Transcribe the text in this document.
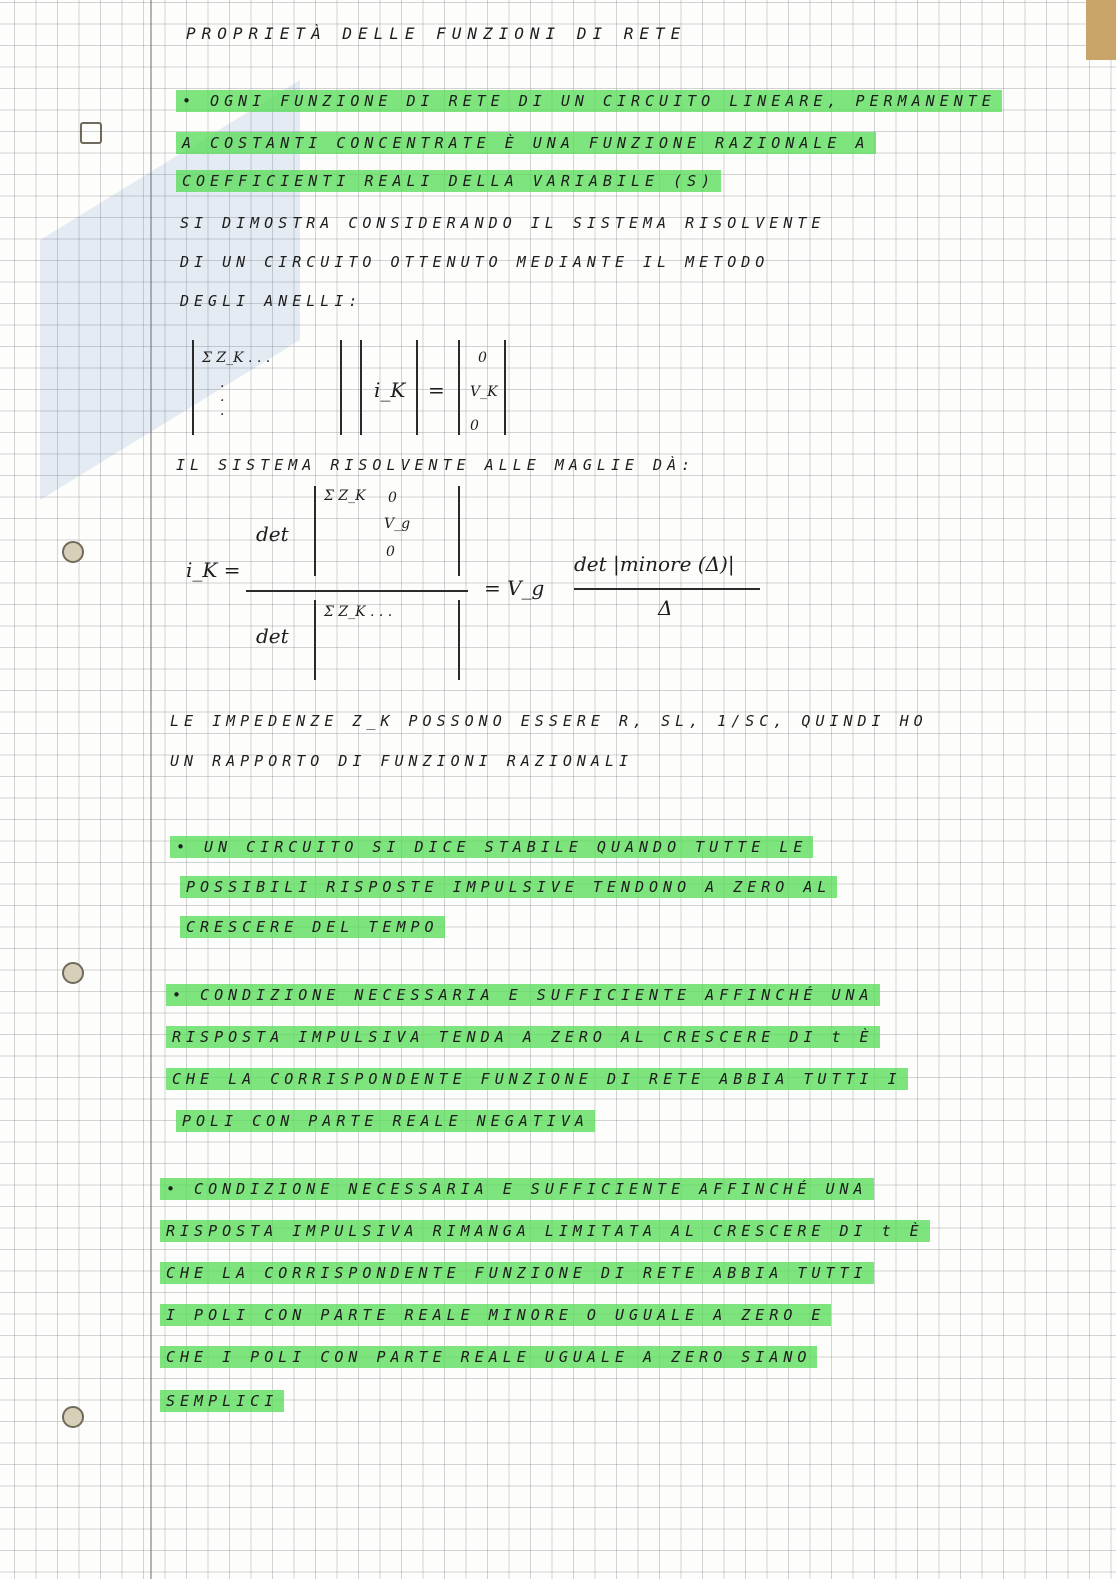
PROPRIETÀ DELLE FUNZIONI DI RETE
• OGNI FUNZIONE DI RETE DI UN CIRCUITO LINEARE, PERMANENTE
A COSTANTI CONCENTRATE È UNA FUNZIONE RAZIONALE A
COEFFICIENTI REALI DELLA VARIABILE (S)
SI DIMOSTRA CONSIDERANDO IL SISTEMA RISOLVENTE
DI UN CIRCUITO OTTENUTO MEDIANTE IL METODO
DEGLI ANELLI:
Σ Z_K . . .
·
·
·
i_K =
0
V_K
0
IL SISTEMA RISOLVENTE ALLE MAGLIE DÀ:
i_K =
det
Σ Z_K 0
V_g
0
det
Σ Z_K . . .
= V_g
det |minore (Δ)|
Δ
LE IMPEDENZE Z_K POSSONO ESSERE R, SL, 1/SC, QUINDI HO
UN RAPPORTO DI FUNZIONI RAZIONALI
• UN CIRCUITO SI DICE STABILE QUANDO TUTTE LE
POSSIBILI RISPOSTE IMPULSIVE TENDONO A ZERO AL
CRESCERE DEL TEMPO
• CONDIZIONE NECESSARIA E SUFFICIENTE AFFINCHÉ UNA
RISPOSTA IMPULSIVA TENDA A ZERO AL CRESCERE DI t È
CHE LA CORRISPONDENTE FUNZIONE DI RETE ABBIA TUTTI I
POLI CON PARTE REALE NEGATIVA
• CONDIZIONE NECESSARIA E SUFFICIENTE AFFINCHÉ UNA
RISPOSTA IMPULSIVA RIMANGA LIMITATA AL CRESCERE DI t È
CHE LA CORRISPONDENTE FUNZIONE DI RETE ABBIA TUTTI
I POLI CON PARTE REALE MINORE O UGUALE A ZERO E
CHE I POLI CON PARTE REALE UGUALE A ZERO SIANO
SEMPLICI
